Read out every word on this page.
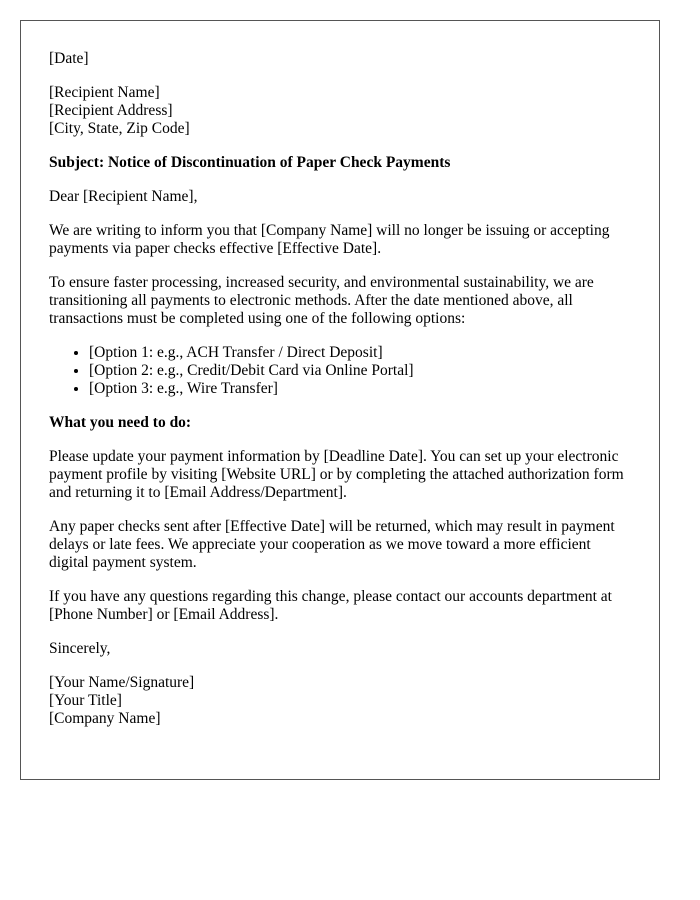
[Date]

[Recipient Name]
[Recipient Address]
[City, State, Zip Code]

Subject: Notice of Discontinuation of Paper Check Payments

Dear [Recipient Name],

We are writing to inform you that [Company Name] will no longer be issuing or accepting payments via paper checks effective [Effective Date].

To ensure faster processing, increased security, and environmental sustainability, we are transitioning all payments to electronic methods. After the date mentioned above, all transactions must be completed using one of the following options:

• [Option 1: e.g., ACH Transfer / Direct Deposit]
• [Option 2: e.g., Credit/Debit Card via Online Portal]
• [Option 3: e.g., Wire Transfer]

What you need to do:

Please update your payment information by [Deadline Date]. You can set up your electronic payment profile by visiting [Website URL] or by completing the attached authorization form and returning it to [Email Address/Department].

Any paper checks sent after [Effective Date] will be returned, which may result in payment delays or late fees. We appreciate your cooperation as we move toward a more efficient digital payment system.

If you have any questions regarding this change, please contact our accounts department at [Phone Number] or [Email Address].

Sincerely,

[Your Name/Signature]
[Your Title]
[Company Name]
